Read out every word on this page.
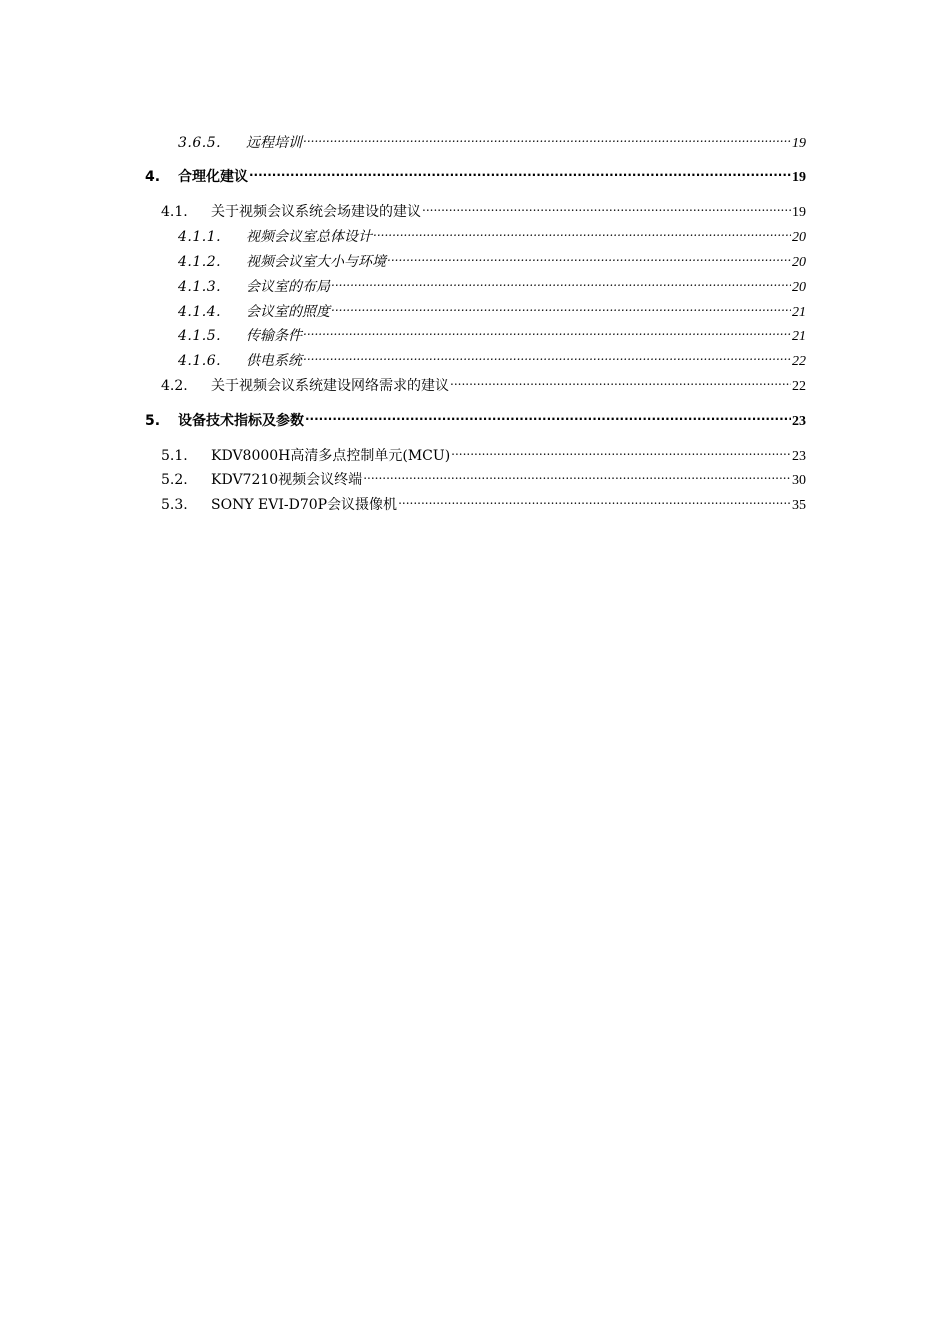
3.6.5.	远程培训 .....	19
4.	合理化建议 .....	19
4.1.	关于视频会议系统会场建设的建议 .....	19
4.1.1.	视频会议室总体设计 .....	20
4.1.2.	视频会议室大小与环境 .....	20
4.1.3.	会议室的布局 .....	20
4.1.4.	会议室的照度 .....	21
4.1.5.	传输条件 .....	21
4.1.6.	供电系统 .....	22
4.2.	关于视频会议系统建设网络需求的建议 .....	22
5.	设备技术指标及参数 .....	23
5.1.	KDV8000H高清多点控制单元(MCU) .....	23
5.2.	KDV7210视频会议终端 .....	30
5.3.	SONY EVI-D70P会议摄像机 .....	35
